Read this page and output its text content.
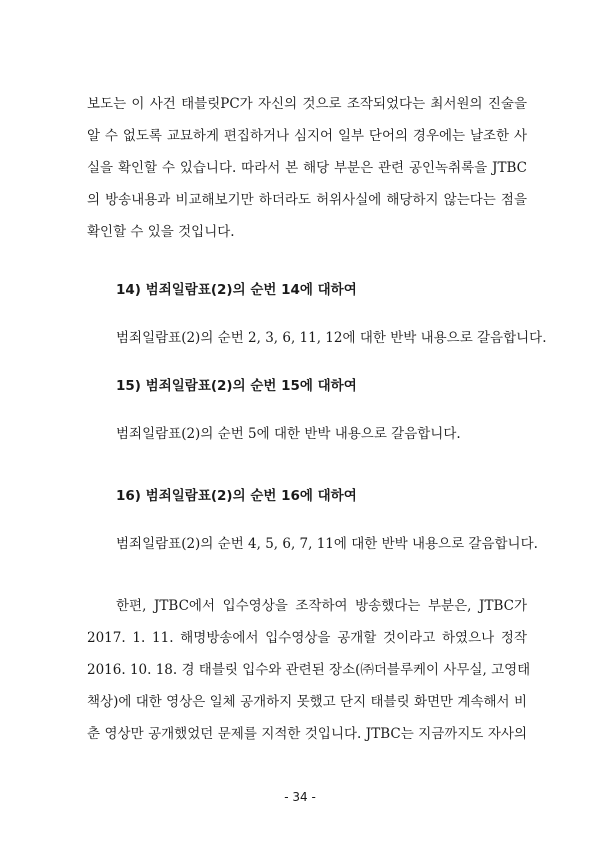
보도는 이 사건 태블릿PC가 자신의 것으로 조작되었다는 최서원의 진술을
알 수 없도록 교묘하게 편집하거나 심지어 일부 단어의 경우에는 날조한 사
실을 확인할 수 있습니다. 따라서 본 해당 부분은 관련 공인녹취록을 JTBC
의 방송내용과 비교해보기만 하더라도 허위사실에 해당하지 않는다는 점을
확인할 수 있을 것입니다.
14) 범죄일람표(2)의 순번 14에 대하여
범죄일람표(2)의 순번 2, 3, 6, 11, 12에 대한 반박 내용으로 갈음합니다.
15) 범죄일람표(2)의 순번 15에 대하여
범죄일람표(2)의 순번 5에 대한 반박 내용으로 갈음합니다.
16) 범죄일람표(2)의 순번 16에 대하여
범죄일람표(2)의 순번 4, 5, 6, 7, 11에 대한 반박 내용으로 갈음합니다.
한편, JTBC에서 입수영상을 조작하여 방송했다는 부분은, JTBC가
2017. 1. 11. 해명방송에서 입수영상을 공개할 것이라고 하였으나 정작
2016. 10. 18. 경 태블릿 입수와 관련된 장소(㈜더블루케이 사무실, 고영태
책상)에 대한 영상은 일체 공개하지 못했고 단지 태블릿 화면만 계속해서 비
춘 영상만 공개했었던 문제를 지적한 것입니다. JTBC는 지금까지도 자사의
- 34 -
